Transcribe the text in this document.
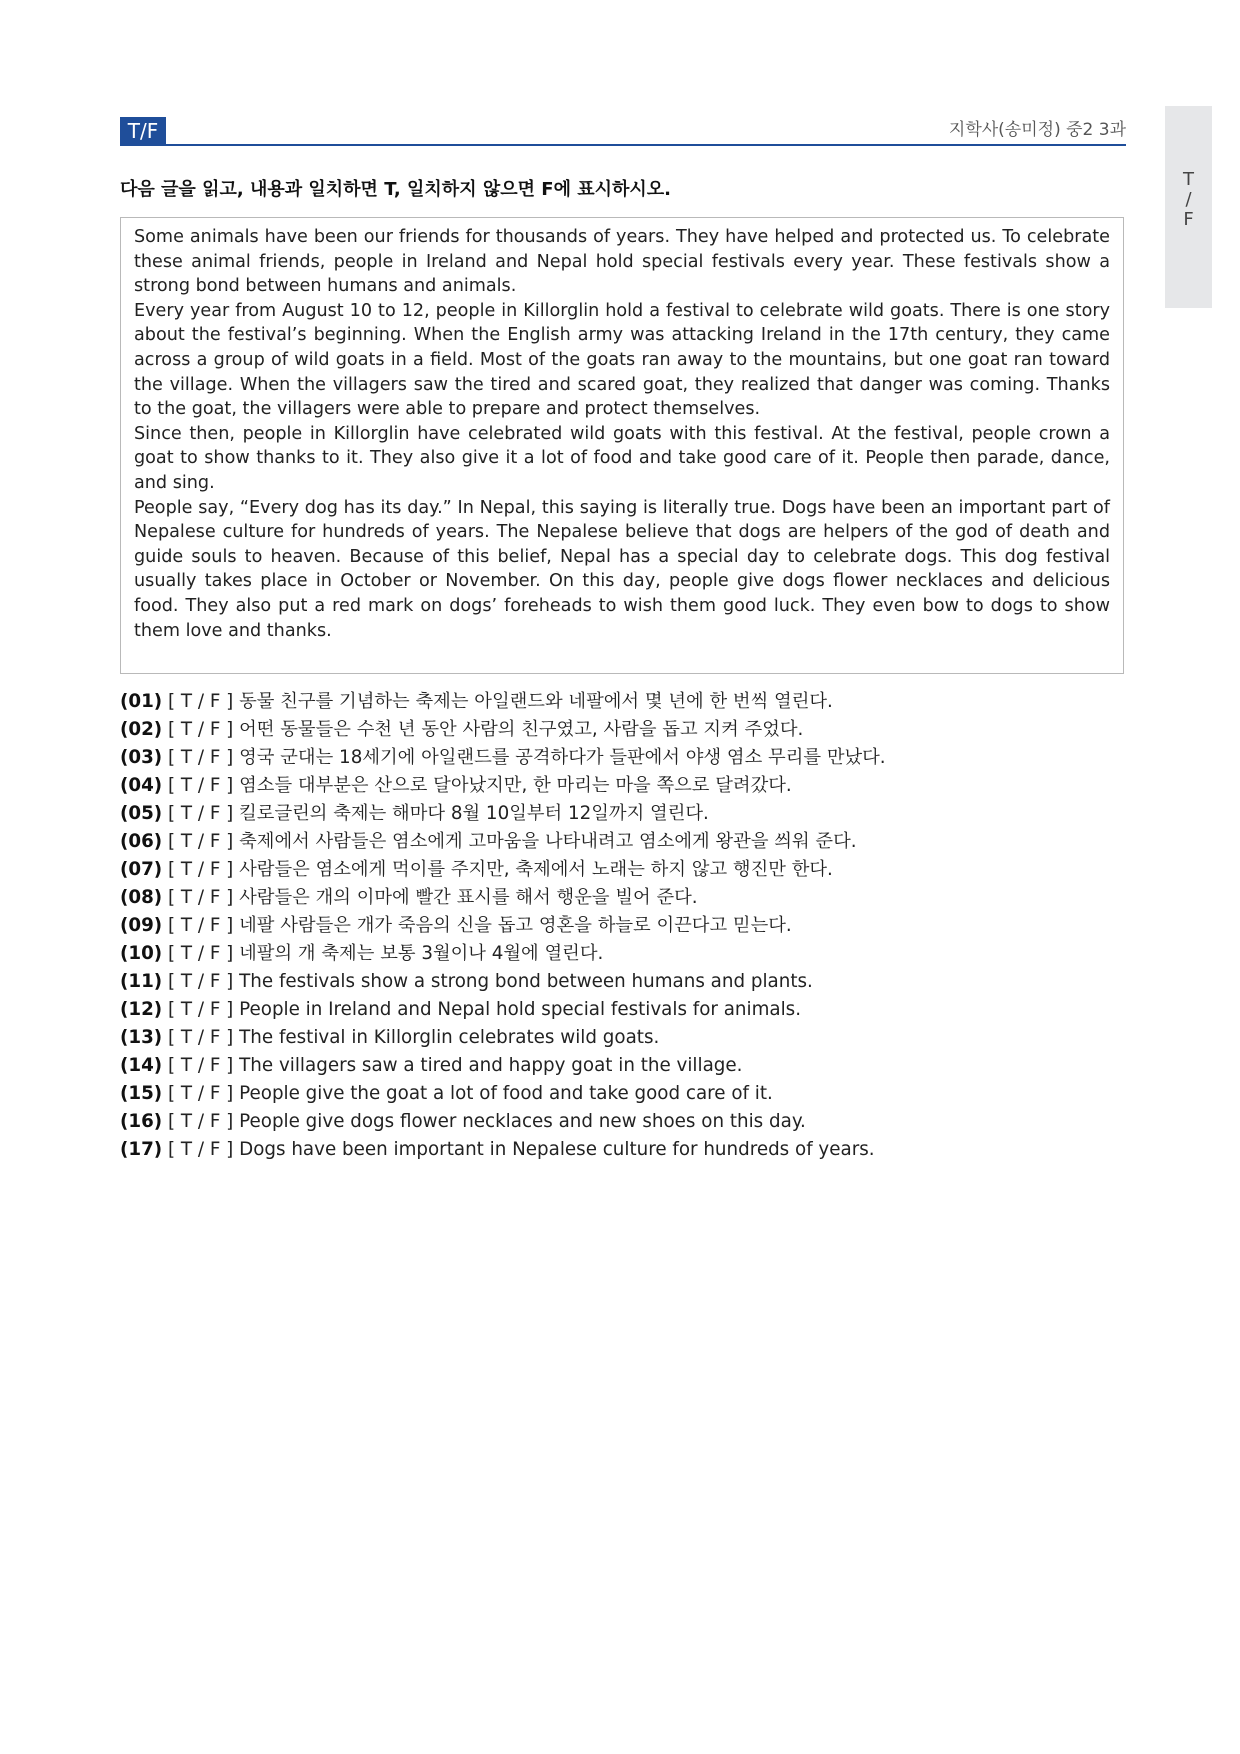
T/F	지학사(송미정) 중2 3과
T
/
F
다음 글을 읽고, 내용과 일치하면 T, 일치하지 않으면 F에 표시하시오.

Some animals have been our friends for thousands of years. They have helped and protected us. To celebrate these animal friends, people in Ireland and Nepal hold special festivals every year. These festivals show a strong bond between humans and animals.

Every year from August 10 to 12, people in Killorglin hold a festival to celebrate wild goats. There is one story about the festival’s beginning. When the English army was attacking Ireland in the 17th century, they came across a group of wild goats in a field. Most of the goats ran away to the mountains, but one goat ran toward the village. When the villagers saw the tired and scared goat, they realized that danger was coming. Thanks to the goat, the villagers were able to prepare and protect themselves.

Since then, people in Killorglin have celebrated wild goats with this festival. At the festival, people crown a goat to show thanks to it. They also give it a lot of food and take good care of it. People then parade, dance, and sing.

People say, “Every dog has its day.” In Nepal, this saying is literally true. Dogs have been an important part of Nepalese culture for hundreds of years. The Nepalese believe that dogs are helpers of the god of death and guide souls to heaven. Because of this belief, Nepal has a special day to celebrate dogs. This dog festival usually takes place in October or November. On this day, people give dogs flower necklaces and delicious food. They also put a red mark on dogs’ foreheads to wish them good luck. They even bow to dogs to show them love and thanks.

(01) [ T / F ] 동물 친구를 기념하는 축제는 아일랜드와 네팔에서 몇 년에 한 번씩 열린다.
(02) [ T / F ] 어떤 동물들은 수천 년 동안 사람의 친구였고, 사람을 돕고 지켜 주었다.
(03) [ T / F ] 영국 군대는 18세기에 아일랜드를 공격하다가 들판에서 야생 염소 무리를 만났다.
(04) [ T / F ] 염소들 대부분은 산으로 달아났지만, 한 마리는 마을 쪽으로 달려갔다.
(05) [ T / F ] 킬로글린의 축제는 해마다 8월 10일부터 12일까지 열린다.
(06) [ T / F ] 축제에서 사람들은 염소에게 고마움을 나타내려고 염소에게 왕관을 씌워 준다.
(07) [ T / F ] 사람들은 염소에게 먹이를 주지만, 축제에서 노래는 하지 않고 행진만 한다.
(08) [ T / F ] 사람들은 개의 이마에 빨간 표시를 해서 행운을 빌어 준다.
(09) [ T / F ] 네팔 사람들은 개가 죽음의 신을 돕고 영혼을 하늘로 이끈다고 믿는다.
(10) [ T / F ] 네팔의 개 축제는 보통 3월이나 4월에 열린다.
(11) [ T / F ] The festivals show a strong bond between humans and plants.
(12) [ T / F ] People in Ireland and Nepal hold special festivals for animals.
(13) [ T / F ] The festival in Killorglin celebrates wild goats.
(14) [ T / F ] The villagers saw a tired and happy goat in the village.
(15) [ T / F ] People give the goat a lot of food and take good care of it.
(16) [ T / F ] People give dogs flower necklaces and new shoes on this day.
(17) [ T / F ] Dogs have been important in Nepalese culture for hundreds of years.
